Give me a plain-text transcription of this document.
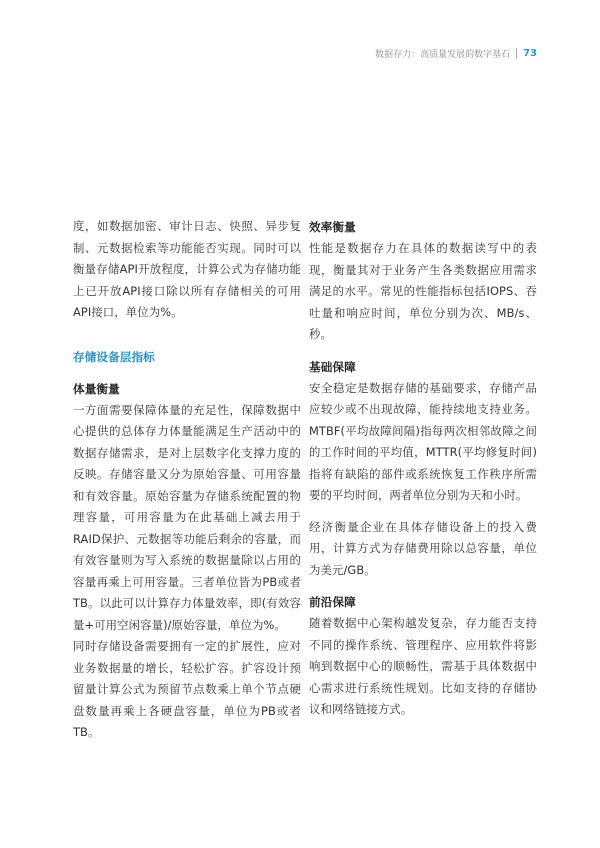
数据存力：高质量发展的数字基石 73

度，如数据加密、审计日志、快照、异步复制、元数据检索等功能能否实现。同时可以衡量存储API开放程度，计算公式为存储功能上已开放API接口除以所有存储相关的可用API接口，单位为%。

存储设备层指标

体量衡量

一方面需要保障体量的充足性，保障数据中心提供的总体存力体量能满足生产活动中的数据存储需求，是对上层数字化支撑力度的反映。存储容量又分为原始容量、可用容量和有效容量。原始容量为存储系统配置的物理容量，可用容量为在此基础上减去用于RAID保护、元数据等功能后剩余的容量，而有效容量则为写入系统的数据量除以占用的容量再乘上可用容量。三者单位皆为PB或者TB。以此可以计算存力体量效率，即(有效容量+可用空闲容量)/原始容量，单位为%。

同时存储设备需要拥有一定的扩展性，应对业务数据量的增长，轻松扩容。扩容设计预留量计算公式为预留节点数乘上单个节点硬盘数量再乘上各硬盘容量，单位为PB或者TB。

效率衡量

性能是数据存力在具体的数据读写中的表现，衡量其对于业务产生各类数据应用需求满足的水平。常见的性能指标包括IOPS、吞吐量和响应时间，单位分别为次、MB/s、秒。

基础保障

安全稳定是数据存储的基础要求，存储产品应较少或不出现故障，能持续地支持业务。MTBF(平均故障间隔)指每两次相邻故障之间的工作时间的平均值，MTTR(平均修复时间)指将有缺陷的部件或系统恢复工作秩序所需要的平均时间，两者单位分别为天和小时。

经济衡量企业在具体存储设备上的投入费用，计算方式为存储费用除以总容量，单位为美元/GB。

前沿保障

随着数据中心架构越发复杂，存力能否支持不同的操作系统、管理程序、应用软件将影响到数据中心的顺畅性，需基于具体数据中心需求进行系统性规划。比如支持的存储协议和网络链接方式。
